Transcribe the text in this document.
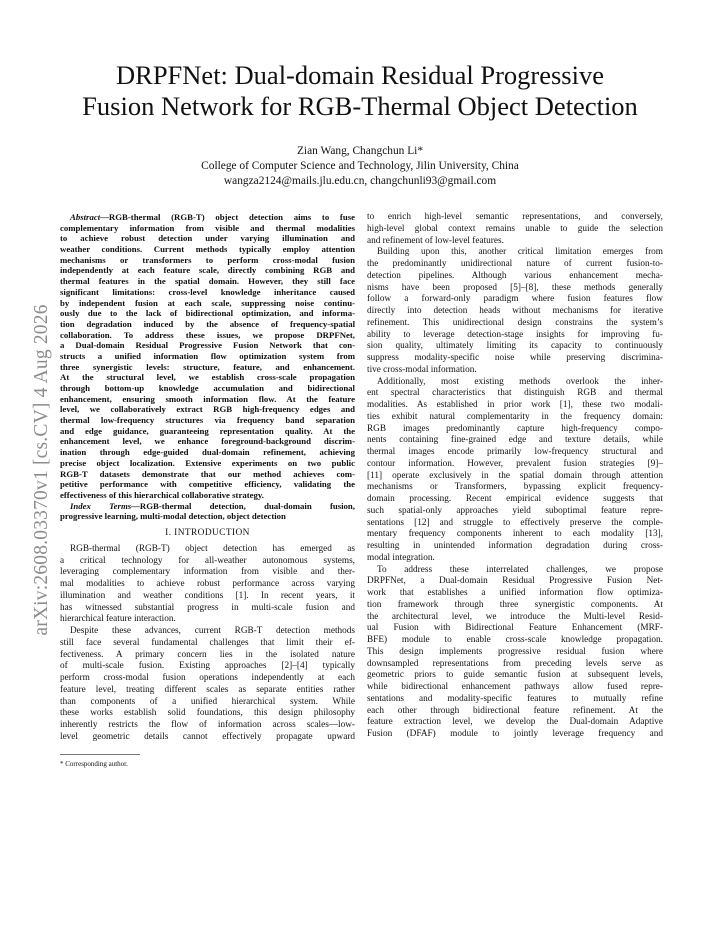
arXiv:2608.03370v1 [cs.CV] 4 Aug 2026
DRPFNet: Dual-domain Residual Progressive
Fusion Network for RGB-Thermal Object Detection
Zian Wang, Changchun Li*
College of Computer Science and Technology, Jilin University, China
wangza2124@mails.jlu.edu.cn, changchunli93@gmail.com
Abstract—RGB-thermal (RGB-T) object detection aims to fuse
complementary information from visible and thermal modalities
to achieve robust detection under varying illumination and
weather conditions. Current methods typically employ attention
mechanisms or transformers to perform cross-modal fusion
independently at each feature scale, directly combining RGB and
thermal features in the spatial domain. However, they still face
significant limitations: cross-level knowledge inheritance caused
by independent fusion at each scale, suppressing noise continu-
ously due to the lack of bidirectional optimization, and informa-
tion degradation induced by the absence of frequency-spatial
collaboration. To address these issues, we propose DRPFNet,
a Dual-domain Residual Progressive Fusion Network that con-
structs a unified information flow optimization system from
three synergistic levels: structure, feature, and enhancement.
At the structural level, we establish cross-scale propagation
through bottom-up knowledge accumulation and bidirectional
enhancement, ensuring smooth information flow. At the feature
level, we collaboratively extract RGB high-frequency edges and
thermal low-frequency structures via frequency band separation
and edge guidance, guaranteeing representation quality. At the
enhancement level, we enhance foreground-background discrim-
ination through edge-guided dual-domain refinement, achieving
precise object localization. Extensive experiments on two public
RGB-T datasets demonstrate that our method achieves com-
petitive performance with competitive efficiency, validating the
effectiveness of this hierarchical collaborative strategy.
Index Terms—RGB-thermal detection, dual-domain fusion,
progressive learning, multi-modal detection, object detection
I. INTRODUCTION
RGB-thermal (RGB-T) object detection has emerged as
a critical technology for all-weather autonomous systems,
leveraging complementary information from visible and ther-
mal modalities to achieve robust performance across varying
illumination and weather conditions [1]. In recent years, it
has witnessed substantial progress in multi-scale fusion and
hierarchical feature interaction.
Despite these advances, current RGB-T detection methods
still face several fundamental challenges that limit their ef-
fectiveness. A primary concern lies in the isolated nature
of multi-scale fusion. Existing approaches [2]–[4] typically
perform cross-modal fusion operations independently at each
feature level, treating different scales as separate entities rather
than components of a unified hierarchical system. While
these works establish solid foundations, this design philosophy
inherently restricts the flow of information across scales—low-
level geometric details cannot effectively propagate upward
* Corresponding author.
to enrich high-level semantic representations, and conversely,
high-level global context remains unable to guide the selection
and refinement of low-level features.
Building upon this, another critical limitation emerges from
the predominantly unidirectional nature of current fusion-to-
detection pipelines. Although various enhancement mecha-
nisms have been proposed [5]–[8], these methods generally
follow a forward-only paradigm where fusion features flow
directly into detection heads without mechanisms for iterative
refinement. This unidirectional design constrains the system’s
ability to leverage detection-stage insights for improving fu-
sion quality, ultimately limiting its capacity to continuously
suppress modality-specific noise while preserving discrimina-
tive cross-modal information.
Additionally, most existing methods overlook the inher-
ent spectral characteristics that distinguish RGB and thermal
modalities. As established in prior work [1], these two modali-
ties exhibit natural complementarity in the frequency domain:
RGB images predominantly capture high-frequency compo-
nents containing fine-grained edge and texture details, while
thermal images encode primarily low-frequency structural and
contour information. However, prevalent fusion strategies [9]–
[11] operate exclusively in the spatial domain through attention
mechanisms or Transformers, bypassing explicit frequency-
domain processing. Recent empirical evidence suggests that
such spatial-only approaches yield suboptimal feature repre-
sentations [12] and struggle to effectively preserve the comple-
mentary frequency components inherent to each modality [13],
resulting in unintended information degradation during cross-
modal integration.
To address these interrelated challenges, we propose
DRPFNet, a Dual-domain Residual Progressive Fusion Net-
work that establishes a unified information flow optimiza-
tion framework through three synergistic components. At
the architectural level, we introduce the Multi-level Resid-
ual Fusion with Bidirectional Feature Enhancement (MRF-
BFE) module to enable cross-scale knowledge propagation.
This design implements progressive residual fusion where
downsampled representations from preceding levels serve as
geometric priors to guide semantic fusion at subsequent levels,
while bidirectional enhancement pathways allow fused repre-
sentations and modality-specific features to mutually refine
each other through bidirectional feature refinement. At the
feature extraction level, we develop the Dual-domain Adaptive
Fusion (DFAF) module to jointly leverage frequency and
